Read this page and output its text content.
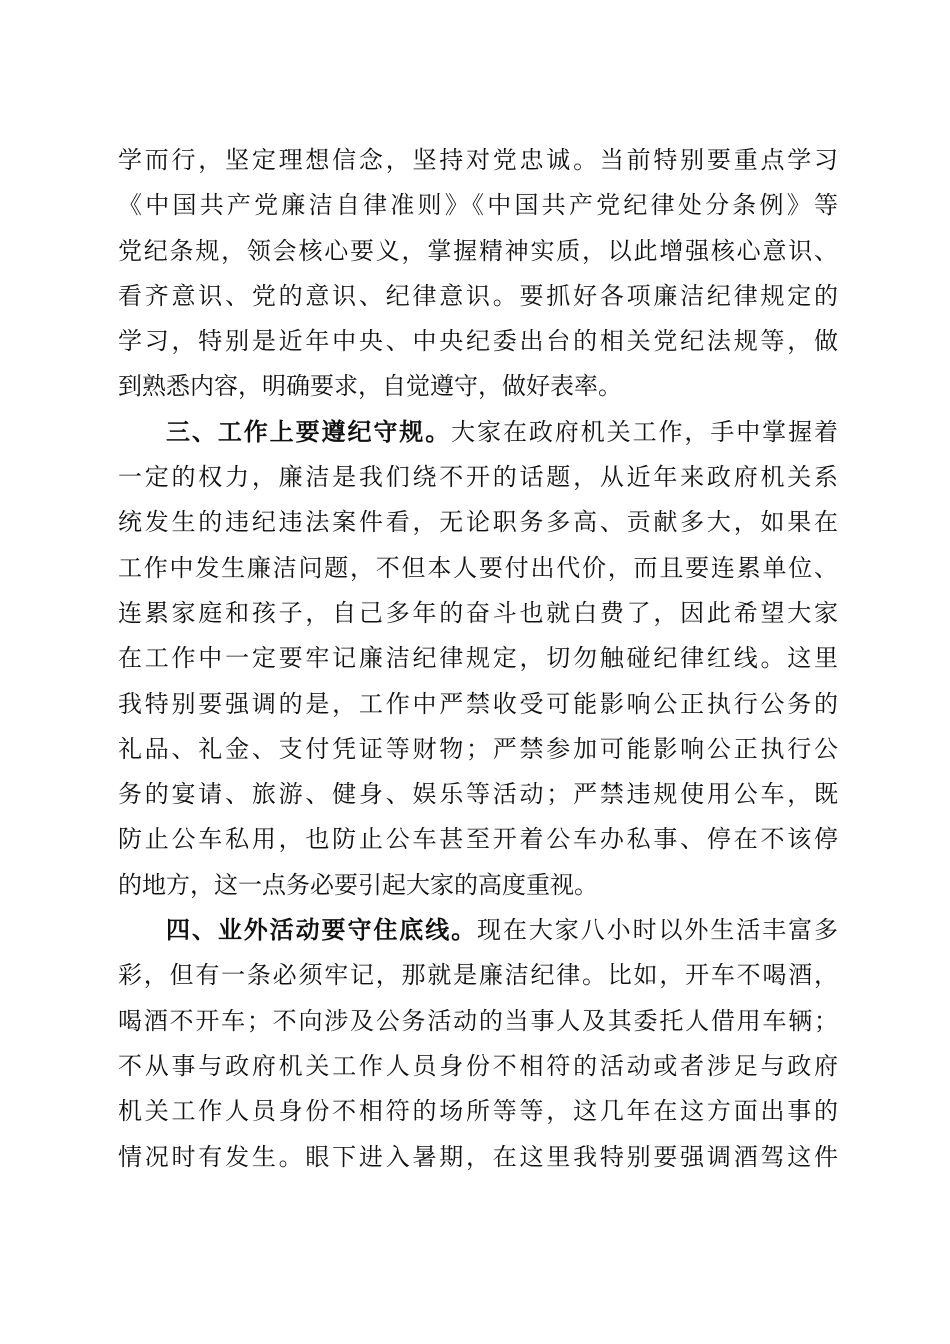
学而行，坚定理想信念，坚持对党忠诚。当前特别要重点学习
《中国共产党廉洁自律准则》《中国共产党纪律处分条例》等
党纪条规，领会核心要义，掌握精神实质，以此增强核心意识、
看齐意识、党的意识、纪律意识。要抓好各项廉洁纪律规定的
学习，特别是近年中央、中央纪委出台的相关党纪法规等，做
到熟悉内容，明确要求，自觉遵守，做好表率。
三、工作上要遵纪守规。大家在政府机关工作，手中掌握着
一定的权力，廉洁是我们绕不开的话题，从近年来政府机关系
统发生的违纪违法案件看，无论职务多高、贡献多大，如果在
工作中发生廉洁问题，不但本人要付出代价，而且要连累单位、
连累家庭和孩子，自己多年的奋斗也就白费了，因此希望大家
在工作中一定要牢记廉洁纪律规定，切勿触碰纪律红线。这里
我特别要强调的是，工作中严禁收受可能影响公正执行公务的
礼品、礼金、支付凭证等财物；严禁参加可能影响公正执行公
务的宴请、旅游、健身、娱乐等活动；严禁违规使用公车，既
防止公车私用，也防止公车甚至开着公车办私事、停在不该停
的地方，这一点务必要引起大家的高度重视。
四、业外活动要守住底线。现在大家八小时以外生活丰富多
彩，但有一条必须牢记，那就是廉洁纪律。比如，开车不喝酒，
喝酒不开车；不向涉及公务活动的当事人及其委托人借用车辆；
不从事与政府机关工作人员身份不相符的活动或者涉足与政府
机关工作人员身份不相符的场所等等，这几年在这方面出事的
情况时有发生。眼下进入暑期，在这里我特别要强调酒驾这件
